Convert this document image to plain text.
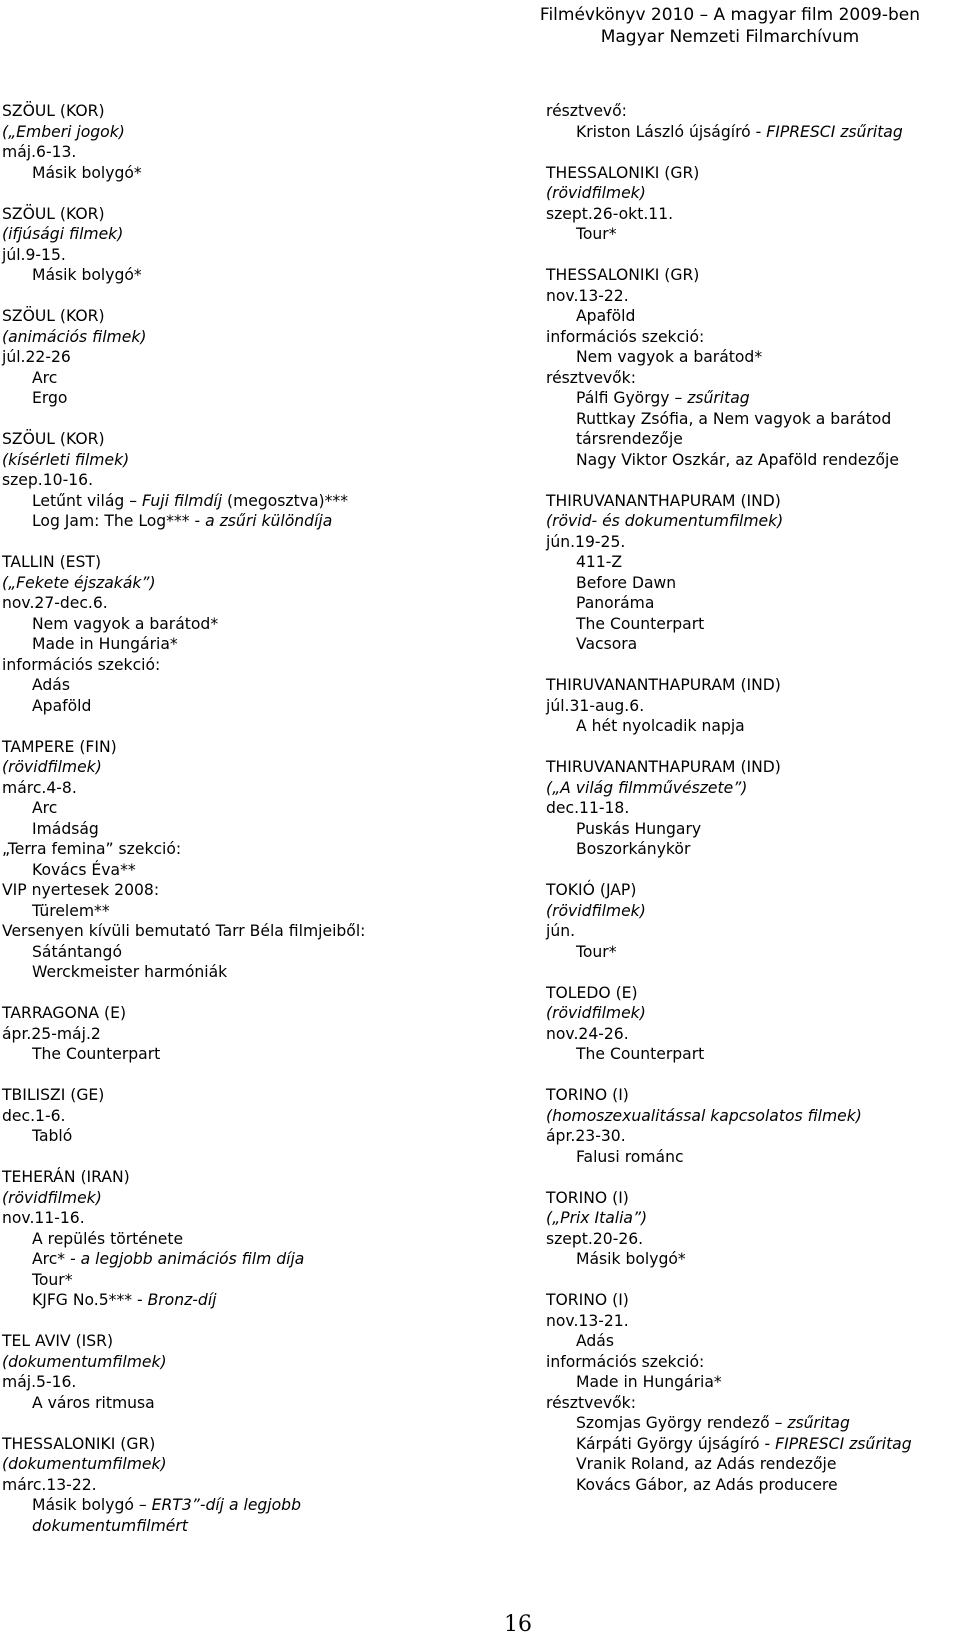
Filmévkönyv 2010 – A magyar film 2009-ben
Magyar Nemzeti Filmarchívum
SZÖUL (KOR)
(„Emberi jogok)
máj.6-13.
Másik bolygó*
SZÖUL (KOR)
(ifjúsági filmek)
júl.9-15.
Másik bolygó*
SZÖUL (KOR)
(animációs filmek)
júl.22-26
Arc
Ergo
SZÖUL (KOR)
(kísérleti filmek)
szep.10-16.
Letűnt világ – Fuji filmdíj (megosztva)***
Log Jam: The Log*** - a zsűri különdíja
TALLIN (EST)
(„Fekete éjszakák”)
nov.27-dec.6.
Nem vagyok a barátod*
Made in Hungária*
információs szekció:
Adás
Apaföld
TAMPERE (FIN)
(rövidfilmek)
márc.4-8.
Arc
Imádság
„Terra femina” szekció:
Kovács Éva**
VIP nyertesek 2008:
Türelem**
Versenyen kívüli bemutató Tarr Béla filmjeiből:
Sátántangó
Werckmeister harmóniák
TARRAGONA (E)
ápr.25-máj.2
The Counterpart
TBILISZI (GE)
dec.1-6.
Tabló
TEHERÁN (IRAN)
(rövidfilmek)
nov.11-16.
A repülés története
Arc* - a legjobb animációs film díja
Tour*
KJFG No.5*** - Bronz-díj
TEL AVIV (ISR)
(dokumentumfilmek)
máj.5-16.
A város ritmusa
THESSALONIKI (GR)
(dokumentumfilmek)
márc.13-22.
Másik bolygó – ERT3”-díj a legjobb
dokumentumfilmért
résztvevő:
Kriston László újságíró - FIPRESCI zsűritag
THESSALONIKI (GR)
(rövidfilmek)
szept.26-okt.11.
Tour*
THESSALONIKI (GR)
nov.13-22.
Apaföld
információs szekció:
Nem vagyok a barátod*
résztvevők:
Pálfi György – zsűritag
Ruttkay Zsófia, a Nem vagyok a barátod
társrendezője
Nagy Viktor Oszkár, az Apaföld rendezője
THIRUVANANTHAPURAM (IND)
(rövid- és dokumentumfilmek)
jún.19-25.
411-Z
Before Dawn
Panoráma
The Counterpart
Vacsora
THIRUVANANTHAPURAM (IND)
júl.31-aug.6.
A hét nyolcadik napja
THIRUVANANTHAPURAM (IND)
(„A világ filmművészete”)
dec.11-18.
Puskás Hungary
Boszorkánykör
TOKIÓ (JAP)
(rövidfilmek)
jún.
Tour*
TOLEDO (E)
(rövidfilmek)
nov.24-26.
The Counterpart
TORINO (I)
(homoszexualitással kapcsolatos filmek)
ápr.23-30.
Falusi románc
TORINO (I)
(„Prix Italia”)
szept.20-26.
Másik bolygó*
TORINO (I)
nov.13-21.
Adás
információs szekció:
Made in Hungária*
résztvevők:
Szomjas György rendező – zsűritag
Kárpáti György újságíró - FIPRESCI zsűritag
Vranik Roland, az Adás rendezője
Kovács Gábor, az Adás producere
16
